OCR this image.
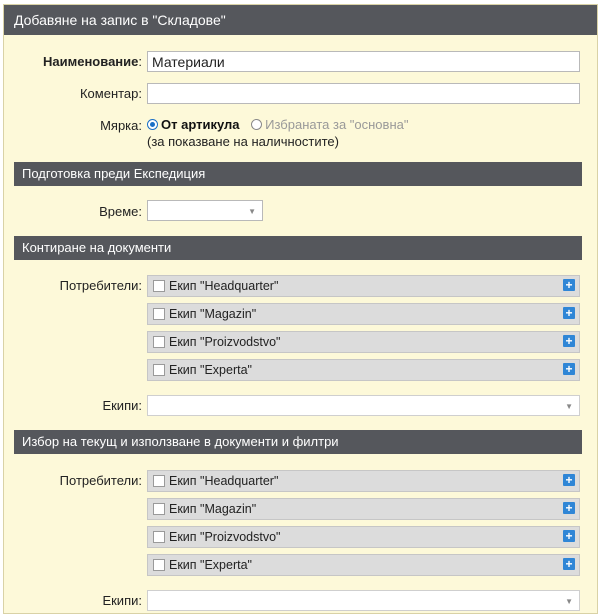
Добавяне на запис в "Складове"
Наименование: Материали
Коментар:
Мярка: От артикула
Избраната за "основна"
(за показване на наличностите)
Подготовка преди Експедиция
Време:	▼
Контиране на документи
Потребители: Екип "Headquarter"	+
Екип "Magazin"	+
Екип "Proizvodstvo"	+
Екип "Experta"	+
Екипи:	▼
Избор на текущ и използване в документи и филтри
Потребители: Екип "Headquarter"	+
Екип "Magazin"	+
Екип "Proizvodstvo"	+
Екип "Experta"	+
Екипи:	▼
